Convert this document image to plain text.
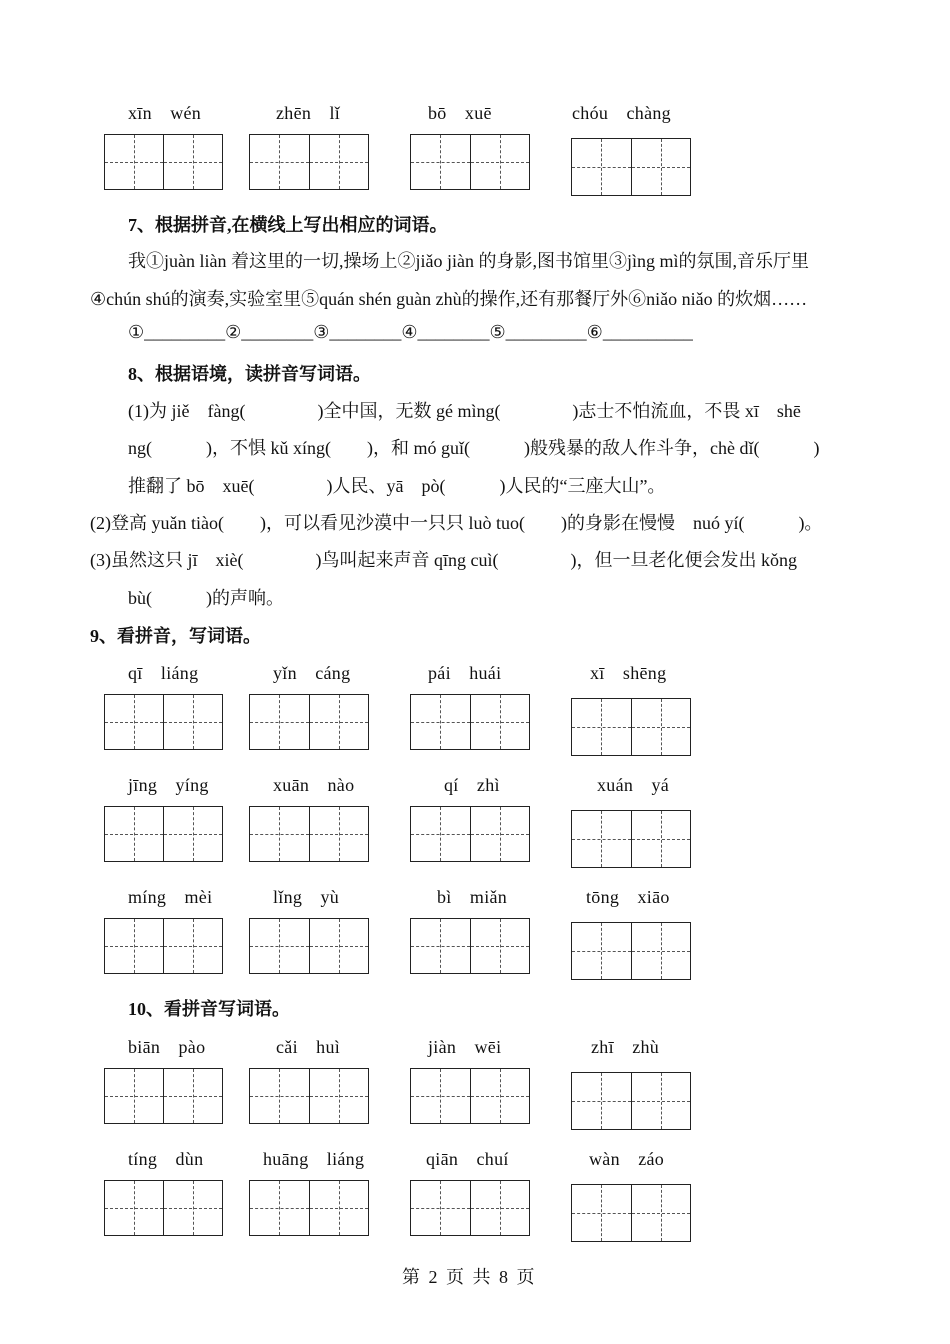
xīn　wén	zhēn　lǐ	bō　xuē	chóu　chàng
7、根据拼音,在横线上写出相应的词语。
我①juàn liàn 着这里的一切,操场上②jiǎo jiàn 的身影,图书馆里③jìng mì的氛围,音乐厅里
④chún shú的演奏,实验室里⑤quán shén guàn zhù的操作,还有那餐厅外⑥niǎo niǎo 的炊烟……
①_________②________③________④________⑤_________⑥__________
8、根据语境，读拼音写词语。
(1)为 jiě　fàng(　　　　)全中国，无数 gé mìng(　　　　)志士不怕流血，不畏 xī　shē
ng(　　　)，不惧 kǔ xíng(　　)，和 mó guǐ(　　　)般残暴的敌人作斗争，chè dǐ(　　　)
推翻了 bō　xuē(　　　　)人民、yā　pò(　　　)人民的“三座大山”。
(2)登高 yuǎn tiào(　　)，可以看见沙漠中一只只 luò tuo(　　)的身影在慢慢　nuó yí(　　　)。
(3)虽然这只 jī　xiè(　　　　)鸟叫起来声音 qīng cuì(　　　　)，但一旦老化便会发出 kǒng
bù(　　　)的声响。
9、看拼音，写词语。
qī　liáng	yǐn　cáng	pái　huái	xī　shēng
jīng　yíng	xuān　nào	qí　zhì	xuán　yá
míng　mèi	lǐng　yù	bì　miǎn	tōng　xiāo
10、看拼音写词语。
biān　pào	cǎi　huì	jiàn　wēi	zhī　zhù
tíng　dùn	huāng　liáng	qiān　chuí	wàn　záo
第 2 页 共 8 页
